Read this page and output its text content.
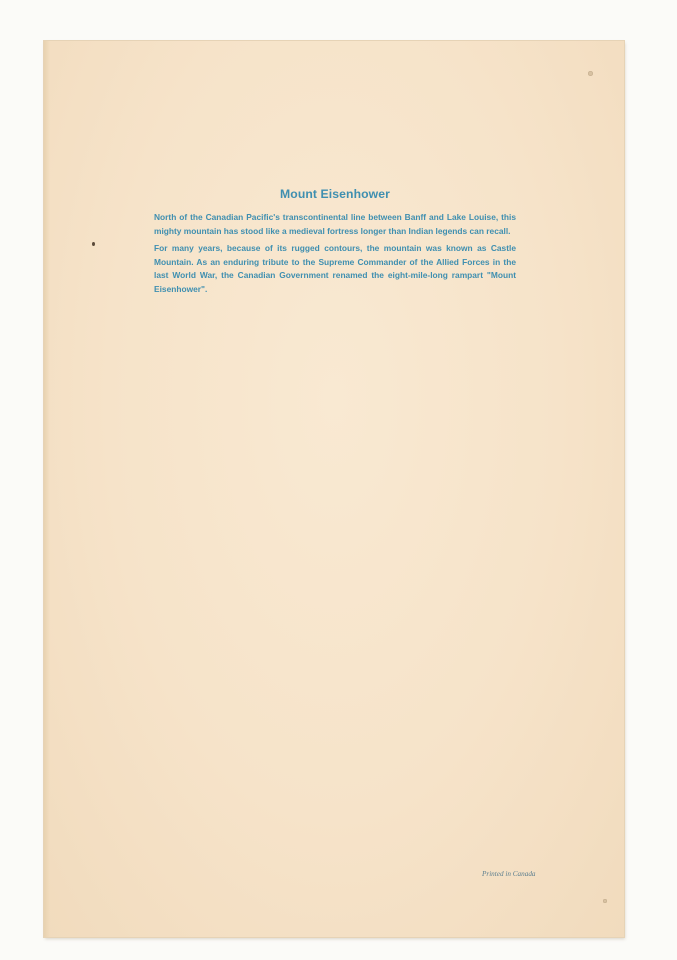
Mount Eisenhower

North of the Canadian Pacific's transcontinental line between Banff and Lake Louise, this mighty mountain has stood like a medieval fortress longer than Indian legends can recall.

For many years, because of its rugged contours, the mountain was known as Castle Mountain. As an enduring tribute to the Supreme Commander of the Allied Forces in the last World War, the Canadian Government renamed the eight-mile-long rampart "Mount Eisenhower".

Printed in Canada
